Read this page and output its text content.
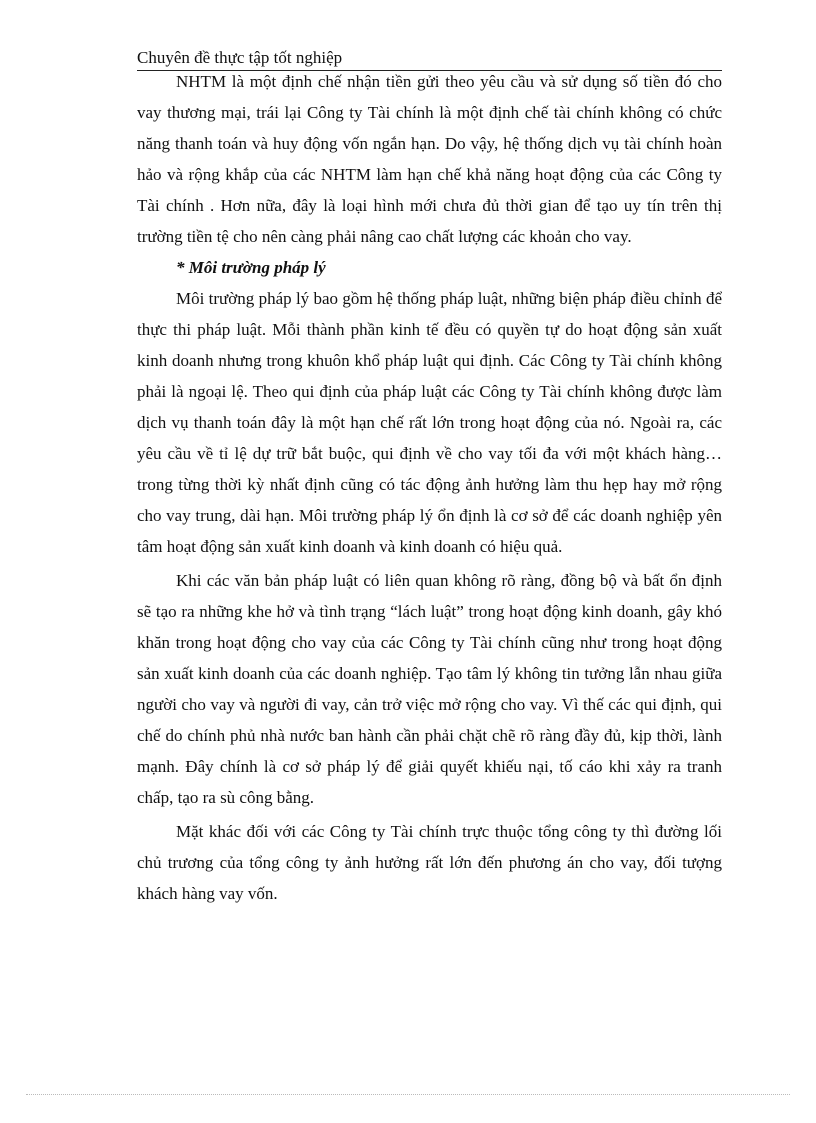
Chuyên đề thực tập tốt nghiệp

NHTM là một định chế nhận tiền gửi theo yêu cầu và sử dụng số tiền đó cho vay thương mại, trái lại Công ty Tài chính là một định chế tài chính không có chức năng thanh toán và huy động vốn ngắn hạn. Do vậy, hệ thống dịch vụ tài chính hoàn hảo và rộng khắp của các NHTM làm hạn chế khả năng hoạt động của các Công ty Tài chính . Hơn nữa, đây là loại hình mới chưa đủ thời gian để tạo uy tín trên thị trường tiền tệ cho nên càng phải nâng cao chất lượng các khoản cho vay.

* Môi trường pháp lý

Môi trường pháp lý bao gồm hệ thống pháp luật, những biện pháp điều chỉnh để thực thi pháp luật. Mỗi thành phần kinh tế đều có quyền tự do hoạt động sản xuất kinh doanh nhưng trong khuôn khổ pháp luật qui định. Các Công ty Tài chính không phải là ngoại lệ. Theo qui định của pháp luật các Công ty Tài chính không được làm dịch vụ thanh toán đây là một hạn chế rất lớn trong hoạt động của nó. Ngoài ra, các yêu cầu về tỉ lệ dự trữ bắt buộc, qui định về cho vay tối đa với một khách hàng…trong từng thời kỳ nhất định cũng có tác động ảnh hưởng làm thu hẹp hay mở rộng cho vay trung, dài hạn. Môi trường pháp lý ổn định là cơ sở để các doanh nghiệp yên tâm hoạt động sản xuất kinh doanh và kinh doanh có hiệu quả.

Khi các văn bản pháp luật có liên quan không rõ ràng, đồng bộ và bất ổn định sẽ tạo ra những khe hở và tình trạng “lách luật” trong hoạt động kinh doanh, gây khó khăn trong hoạt động cho vay của các Công ty Tài chính cũng như trong hoạt động sản xuất kinh doanh của các doanh nghiệp. Tạo tâm lý không tin tưởng lẫn nhau giữa người cho vay và người đi vay, cản trở việc mở rộng cho vay. Vì thế các qui định, qui chế do chính phủ nhà nước ban hành cần phải chặt chẽ rõ ràng đầy đủ, kịp thời, lành mạnh. Đây chính là cơ sở pháp lý để giải quyết khiếu nại, tố cáo khi xảy ra tranh chấp, tạo ra sù công bằng.

Mặt khác đối với các Công ty Tài chính trực thuộc tổng công ty thì đường lối chủ trương của tổng công ty ảnh hưởng rất lớn đến phương án cho vay, đối tượng khách hàng vay vốn.
